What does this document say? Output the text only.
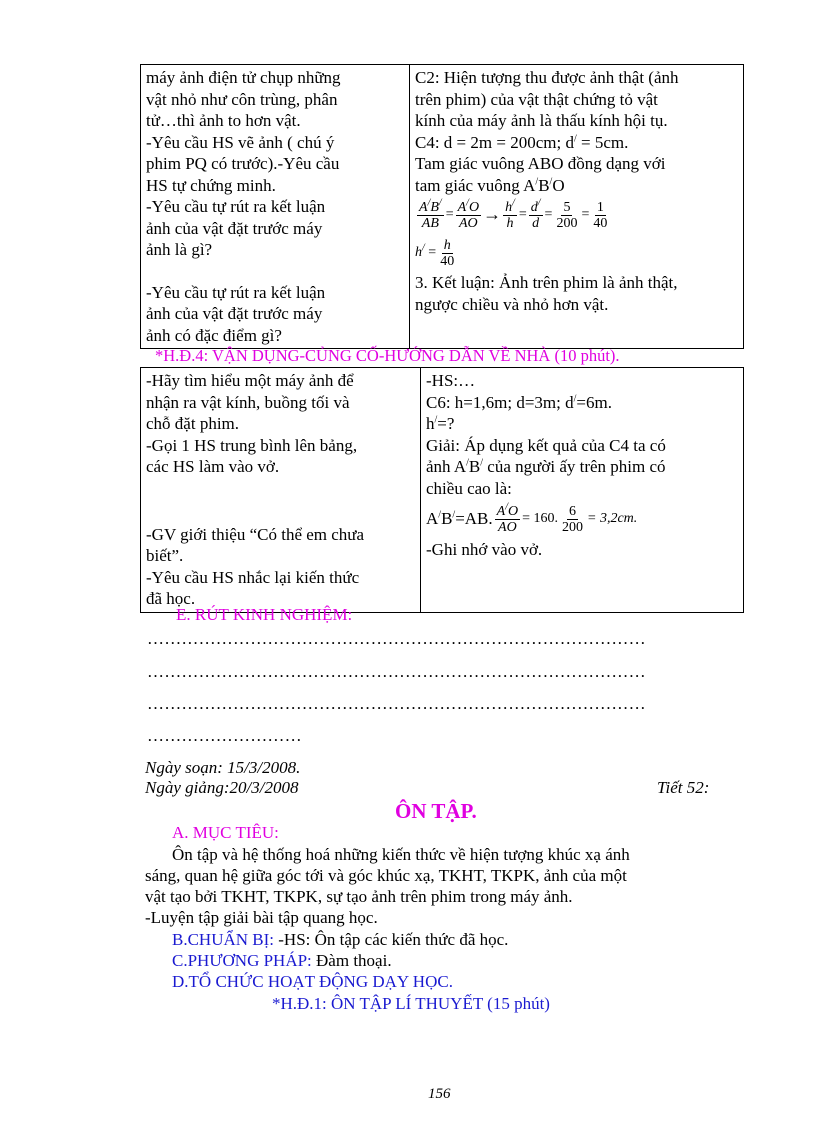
máy ảnh điện tử chụp những
vật nhỏ như côn trùng, phân
tử…thì ảnh to hơn vật.
-Yêu cầu HS vẽ ảnh ( chú ý
phim PQ có trước).-Yêu cầu
HS tự chứng minh.
-Yêu cầu tự rút ra kết luận
ảnh của vật đặt trước máy
ảnh là gì?
-Yêu cầu tự rút ra kết luận
ảnh của vật đặt trước máy
ảnh có đặc điểm gì?

C2: Hiện tượng thu được ảnh thật (ảnh
trên phim) của vật thật chứng tỏ vật
kính của máy ảnh là thấu kính hội tụ.
C4: d = 2m = 200cm; d/ = 5cm.
Tam giác vuông ABO đồng dạng với
tam giác vuông A/B/O
$\frac{A^/B^/}{AB} = \frac{A^/O}{AO} \to \frac{h^/}{h} = \frac{d^/}{d} = \frac{5}{200} = \frac{1}{40}$
$h^/ = \frac{h}{40}$
3. Kết luận: Ảnh trên phim là ảnh thật,
ngược chiều và nhỏ hơn vật.
*H.Đ.4: VẬN DỤNG-CỦNG CỐ-HƯỚNG DẪN VỀ NHÀ (10 phút).
-Hãy tìm hiểu một máy ảnh để
nhận ra vật kính, buồng tối và
chỗ đặt phim.
-Gọi 1 HS trung bình lên bảng,
các HS làm vào vở.
-GV giới thiệu “Có thể em chưa
biết”.
-Yêu cầu HS nhắc lại kiến thức
đã học.

-HS:…
C6: h=1,6m; d=3m; d/=6m.
h/=?
Giải: Áp dụng kết quả của C4 ta có
ảnh A/B/ của người ấy trên phim có
chiều cao là:
A/B/=AB. $\frac{A^/O}{AO} = 160$. $\frac{6}{200} = 3,2cm$.
-Ghi nhớ vào vở.
E. RÚT KINH NGHIỆM:
……………………………………………………………………………
……………………………………………………………………………
……………………………………………………………………………
………………………
Ngày soạn: 15/3/2008.
Ngày giảng:20/3/2008	Tiết 52:
ÔN TẬP.
A. MỤC TIÊU:
Ôn tập và hệ thống hoá những kiến thức về hiện tượng khúc xạ ánh
sáng, quan hệ giữa góc tới và góc khúc xạ, TKHT, TKPK, ảnh của một
vật tạo bởi TKHT, TKPK, sự tạo ảnh trên phim trong máy ảnh.
-Luyện tập giải bài tập quang học.
B.CHUẨN BỊ: -HS: Ôn tập các kiến thức đã học.
C.PHƯƠNG PHÁP: Đàm thoại.
D.TỔ CHỨC HOẠT ĐỘNG DẠY HỌC.
*H.Đ.1: ÔN TẬP LÍ THUYẾT (15 phút)
156
